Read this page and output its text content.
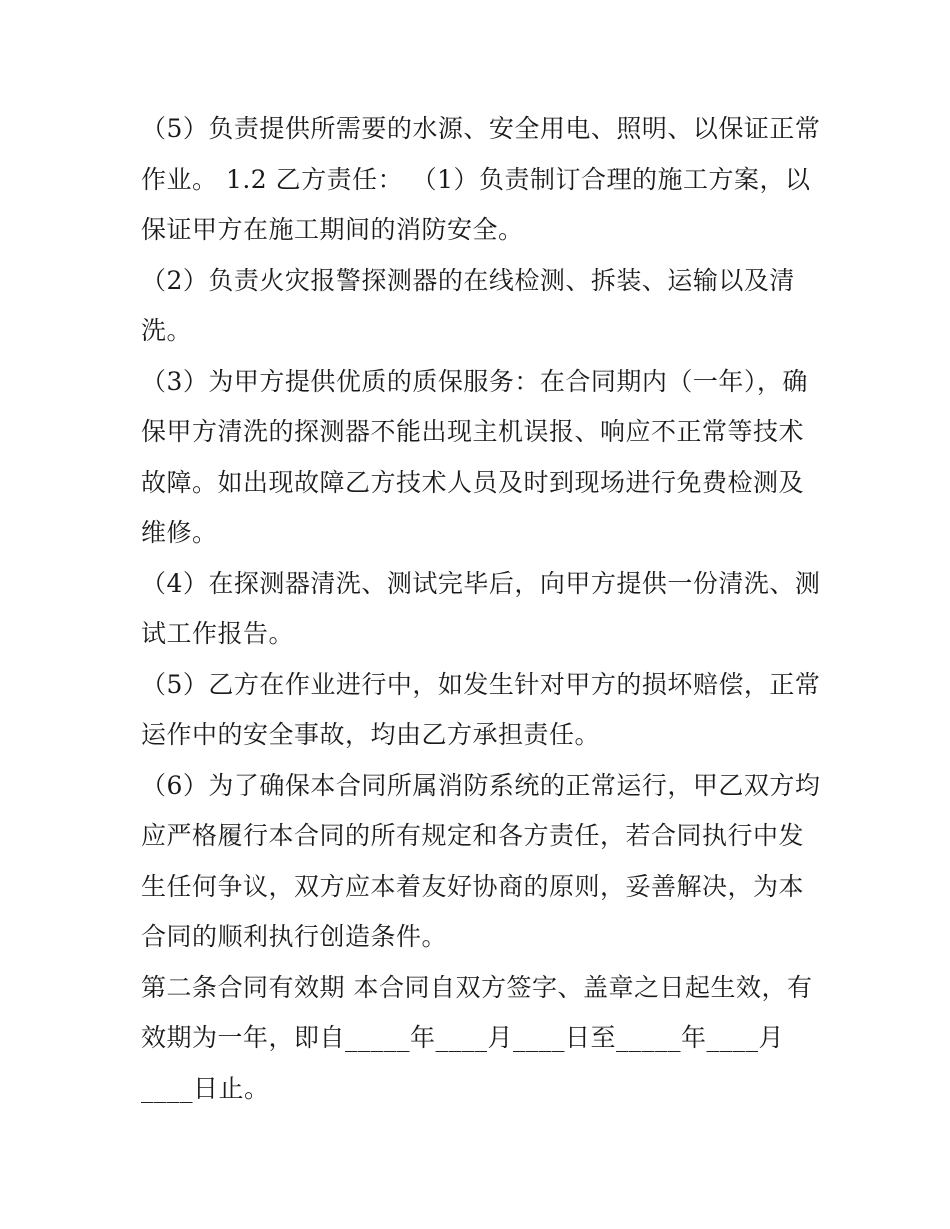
（5）负责提供所需要的水源、安全用电、照明、以保证正常作业。 1.2 乙方责任： （1）负责制订合理的施工方案，以保证甲方在施工期间的消防安全。

（2）负责火灾报警探测器的在线检测、拆装、运输以及清洗。

（3）为甲方提供优质的质保服务：在合同期内（一年），确保甲方清洗的探测器不能出现主机误报、响应不正常等技术故障。如出现故障乙方技术人员及时到现场进行免费检测及维修。

（4）在探测器清洗、测试完毕后，向甲方提供一份清洗、测试工作报告。

（5）乙方在作业进行中，如发生针对甲方的损坏赔偿，正常运作中的安全事故，均由乙方承担责任。

（6）为了确保本合同所属消防系统的正常运行，甲乙双方均应严格履行本合同的所有规定和各方责任，若合同执行中发生任何争议，双方应本着友好协商的原则，妥善解决，为本合同的顺利执行创造条件。

第二条合同有效期 本合同自双方签字、盖章之日起生效，有效期为一年，即自_____年____月____日至_____年____月____日止。
